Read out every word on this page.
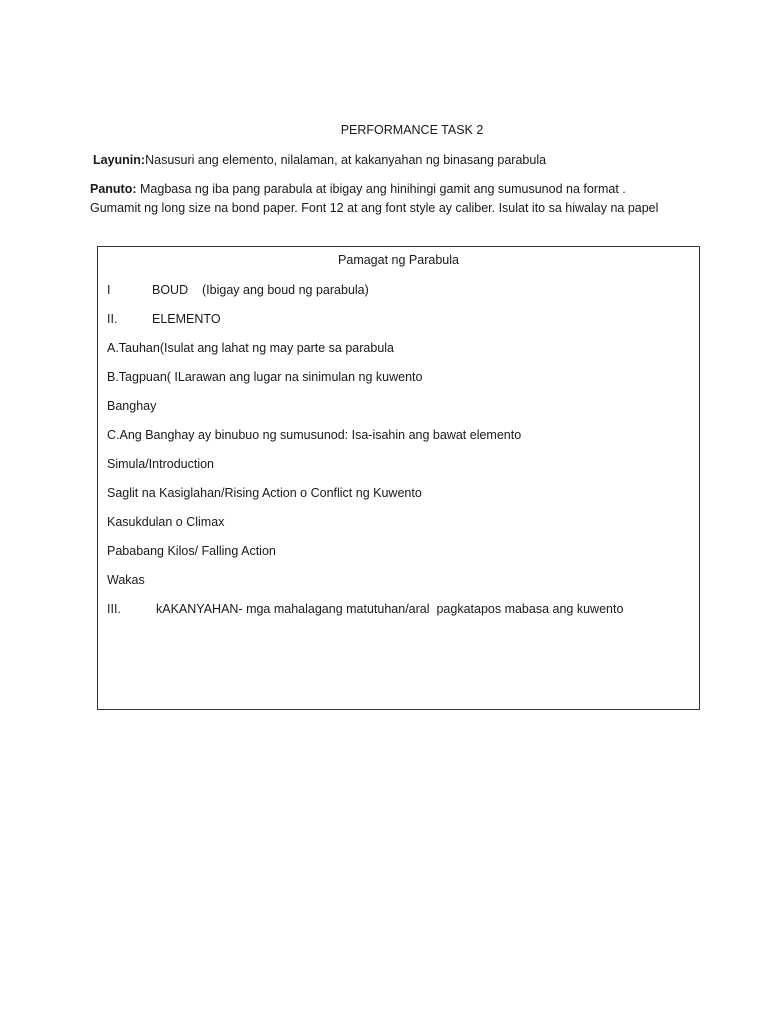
PERFORMANCE TASK 2
Layunin:Nasusuri ang elemento, nilalaman, at kakanyahan ng binasang parabula
Panuto: Magbasa ng iba pang parabula at ibigay ang hinihingi gamit ang sumusunod na format .
Gumamit ng long size na bond paper. Font 12 at ang font style ay caliber. Isulat ito sa hiwalay na papel
Pamagat ng Parabula
I	BOUD    (Ibigay ang boud ng parabula)
II.	ELEMENTO
A.Tauhan(Isulat ang lahat ng may parte sa parabula
B.Tagpuan( ILarawan ang lugar na sinimulan ng kuwento
Banghay
C.Ang Banghay ay binubuo ng sumusunod: Isa-isahin ang bawat elemento
Simula/Introduction
Saglit na Kasiglahan/Rising Action o Conflict ng Kuwento
Kasukdulan o Climax
Pababang Kilos/ Falling Action
Wakas
III.	kAKANYAHAN- mga mahalagang matutuhan/aral  pagkatapos mabasa ang kuwento
